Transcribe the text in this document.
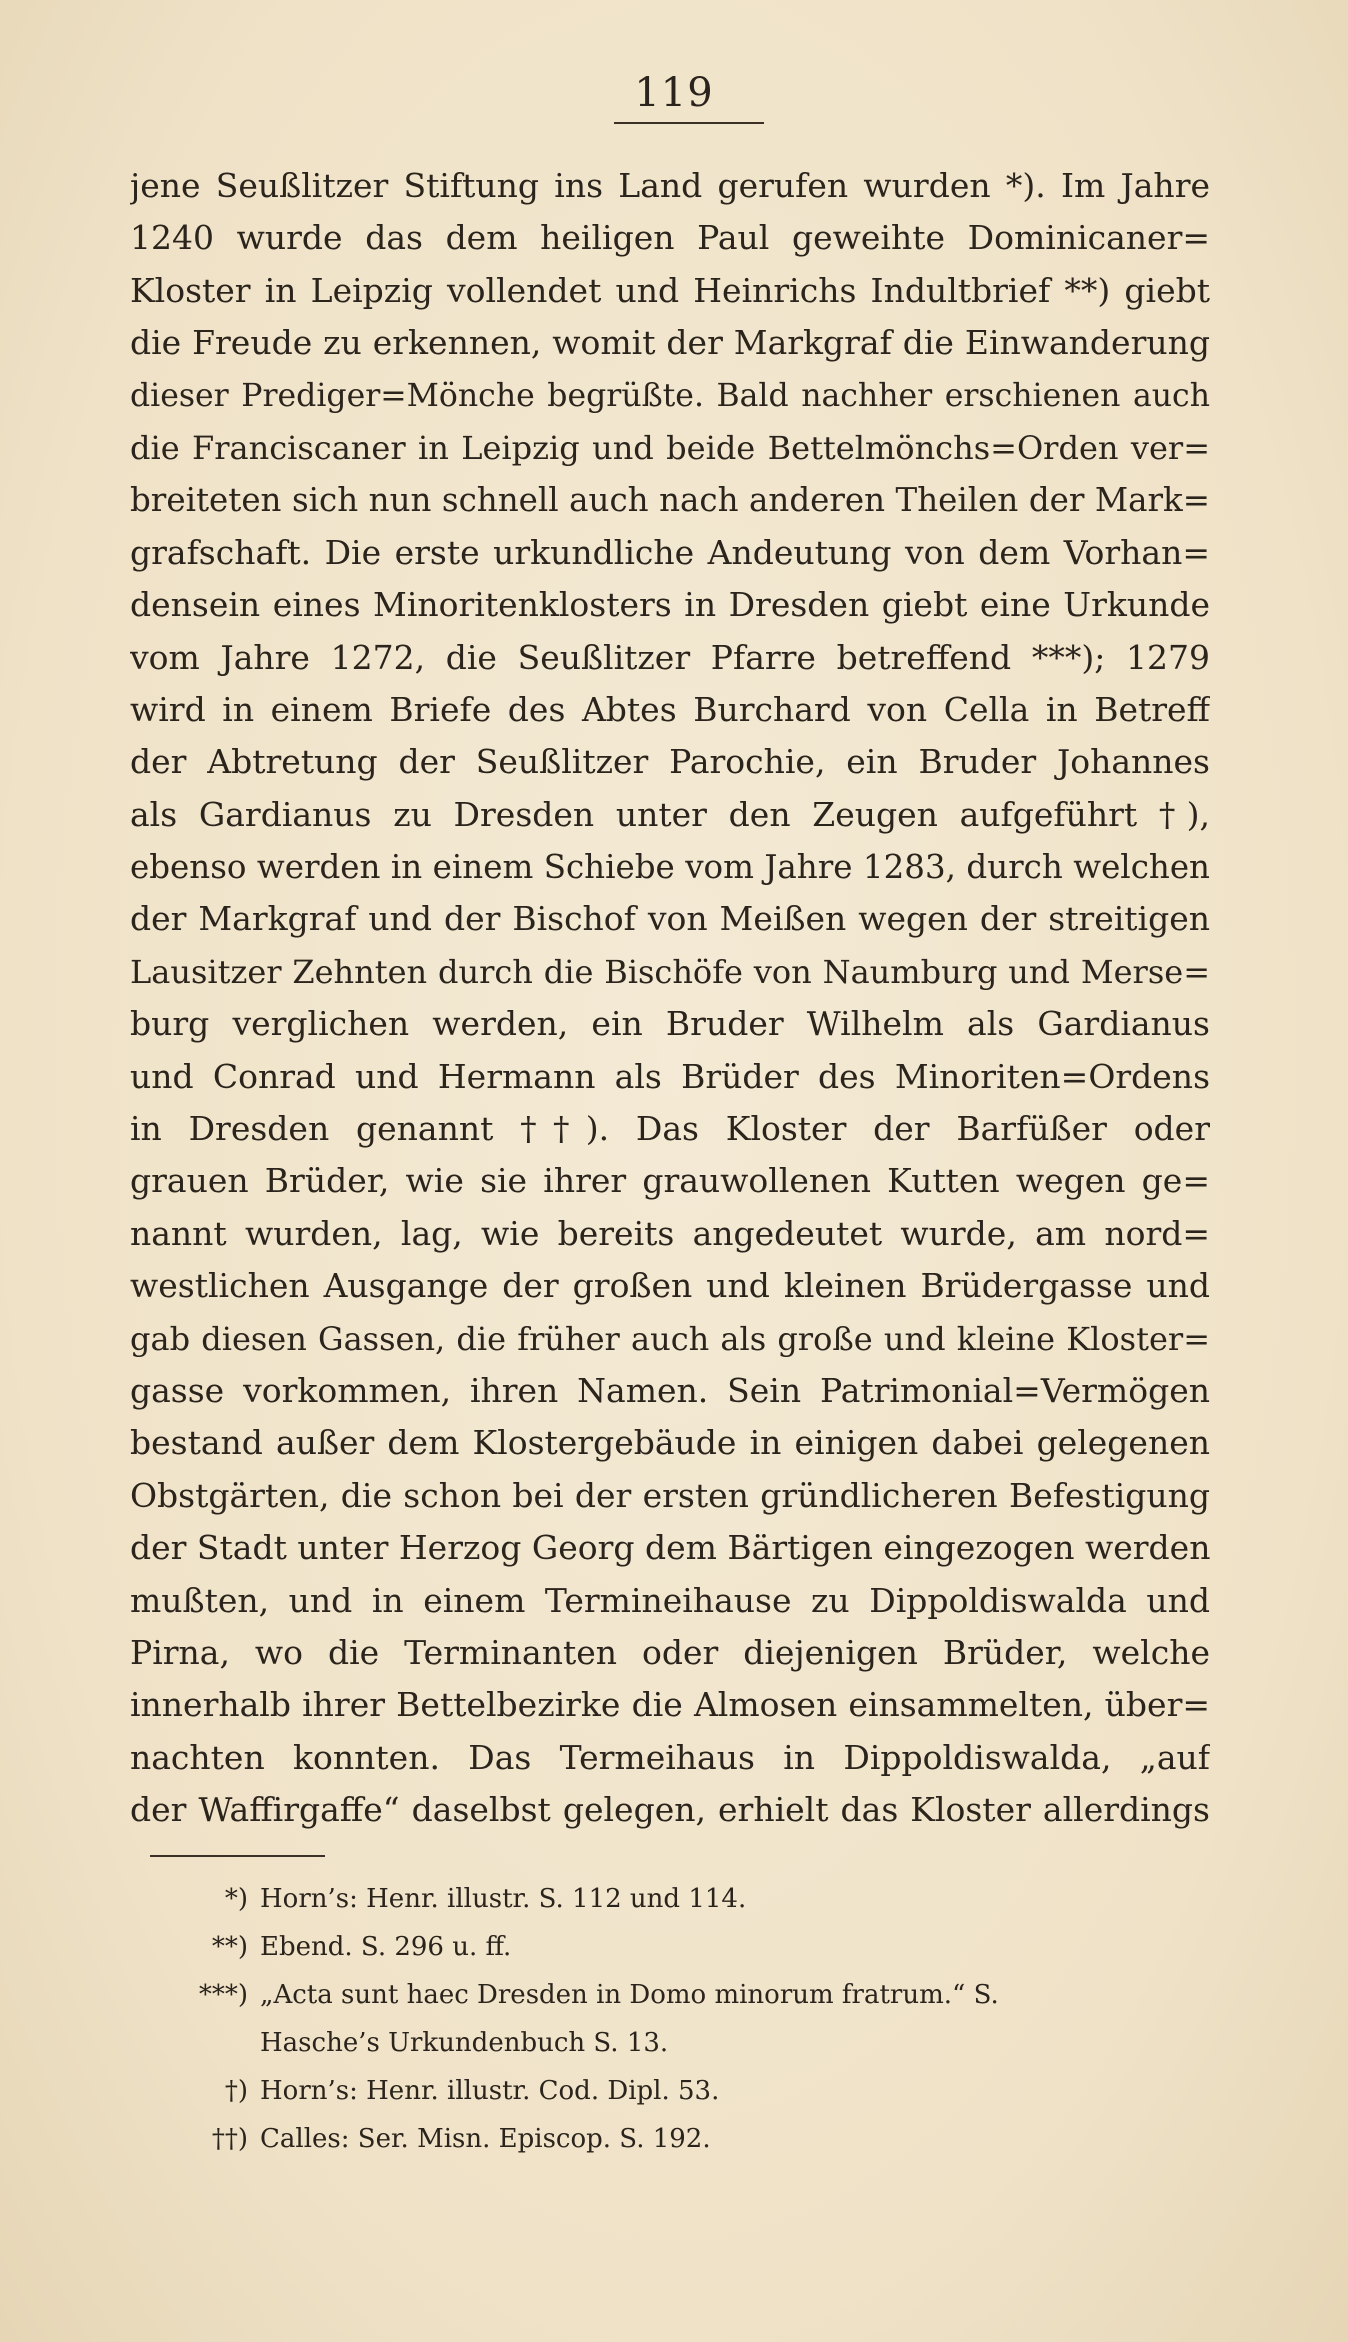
119
jene Seußlitzer Stiftung ins Land gerufen wurden *). Im Jahre
1240 wurde das dem heiligen Paul geweihte Dominicaner=
Kloster in Leipzig vollendet und Heinrichs Indultbrief **) giebt
die Freude zu erkennen, womit der Markgraf die Einwanderung
dieser Prediger=Mönche begrüßte. Bald nachher erschienen auch
die Franciscaner in Leipzig und beide Bettelmönchs=Orden ver=
breiteten sich nun schnell auch nach anderen Theilen der Mark=
grafschaft. Die erste urkundliche Andeutung von dem Vorhan=
densein eines Minoritenklosters in Dresden giebt eine Urkunde
vom Jahre 1272, die Seußlitzer Pfarre betreffend ***); 1279
wird in einem Briefe des Abtes Burchard von Cella in Betreff
der Abtretung der Seußlitzer Parochie, ein Bruder Johannes
als Gardianus zu Dresden unter den Zeugen aufgeführt †),
ebenso werden in einem Schiebe vom Jahre 1283, durch welchen
der Markgraf und der Bischof von Meißen wegen der streitigen
Lausitzer Zehnten durch die Bischöfe von Naumburg und Merse=
burg verglichen werden, ein Bruder Wilhelm als Gardianus
und Conrad und Hermann als Brüder des Minoriten=Ordens
in Dresden genannt ††). Das Kloster der Barfüßer oder
grauen Brüder, wie sie ihrer grauwollenen Kutten wegen ge=
nannt wurden, lag, wie bereits angedeutet wurde, am nord=
westlichen Ausgange der großen und kleinen Brüdergasse und
gab diesen Gassen, die früher auch als große und kleine Kloster=
gasse vorkommen, ihren Namen. Sein Patrimonial=Vermögen
bestand außer dem Klostergebäude in einigen dabei gelegenen
Obstgärten, die schon bei der ersten gründlicheren Befestigung
der Stadt unter Herzog Georg dem Bärtigen eingezogen werden
mußten, und in einem Termineihause zu Dippoldiswalda und
Pirna, wo die Terminanten oder diejenigen Brüder, welche
innerhalb ihrer Bettelbezirke die Almosen einsammelten, über=
nachten konnten. Das Termeihaus in Dippoldiswalda, „auf
der Waffirgaffe“ daselbst gelegen, erhielt das Kloster allerdings
*) Horn’s: Henr. illustr. S. 112 und 114.
**) Ebend. S. 296 u. ff.
***) „Acta sunt haec Dresden in Domo minorum fratrum.“ S.
Hasche’s Urkundenbuch S. 13.
†) Horn’s: Henr. illustr. Cod. Dipl. 53.
††) Calles: Ser. Misn. Episcop. S. 192.
